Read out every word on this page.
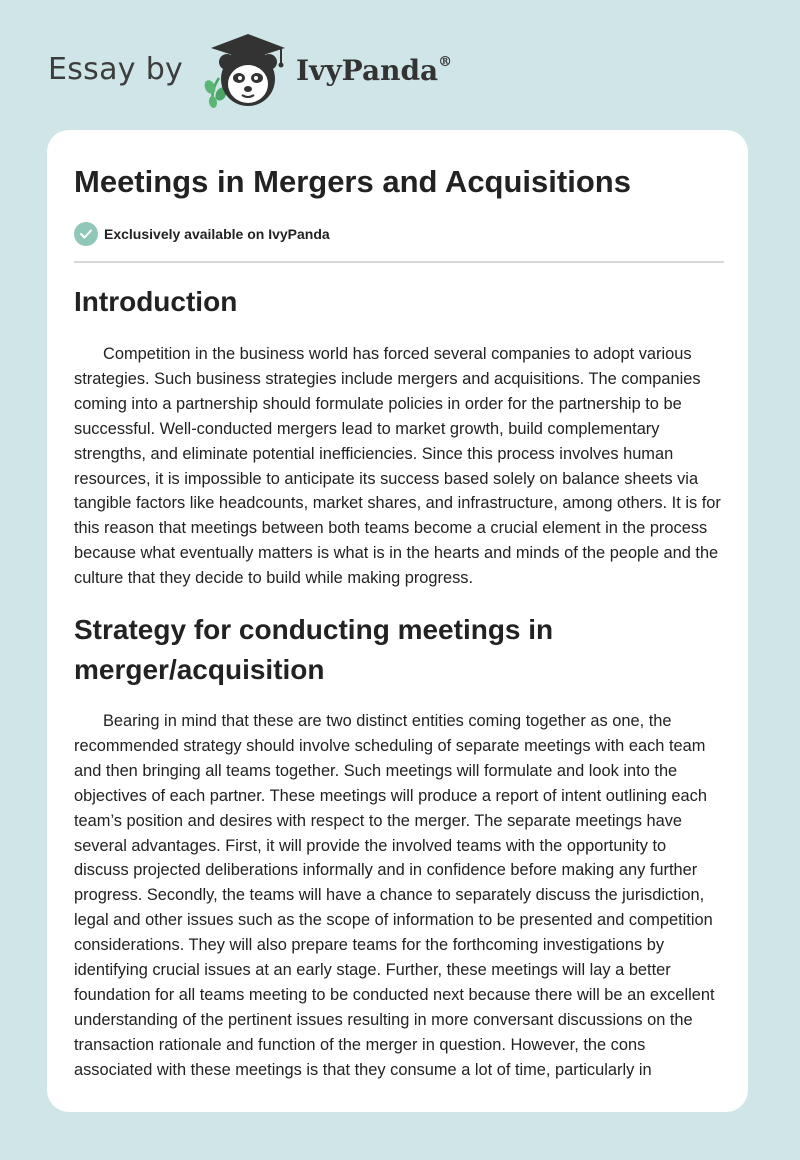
Essay by	IvyPanda®
Meetings in Mergers and Acquisitions
Exclusively available on IvyPanda
Introduction

Competition in the business world has forced several companies to adopt various strategies. Such business strategies include mergers and acquisitions. The companies coming into a partnership should formulate policies in order for the partnership to be successful. Well-conducted mergers lead to market growth, build complementary strengths, and eliminate potential inefficiencies. Since this process involves human resources, it is impossible to anticipate its success based solely on balance sheets via tangible factors like headcounts, market shares, and infrastructure, among others. It is for this reason that meetings between both teams become a crucial element in the process because what eventually matters is what is in the hearts and minds of the people and the culture that they decide to build while making progress.

Strategy for conducting meetings in merger/acquisition

Bearing in mind that these are two distinct entities coming together as one, the recommended strategy should involve scheduling of separate meetings with each team and then bringing all teams together. Such meetings will formulate and look into the objectives of each partner. These meetings will produce a report of intent outlining each team’s position and desires with respect to the merger. The separate meetings have several advantages. First, it will provide the involved teams with the opportunity to discuss projected deliberations informally and in confidence before making any further progress. Secondly, the teams will have a chance to separately discuss the jurisdiction, legal and other issues such as the scope of information to be presented and competition considerations. They will also prepare teams for the forthcoming investigations by identifying crucial issues at an early stage. Further, these meetings will lay a better foundation for all teams meeting to be conducted next because there will be an excellent understanding of the pertinent issues resulting in more conversant discussions on the transaction rationale and function of the merger in question. However, the cons associated with these meetings is that they consume a lot of time, particularly in
